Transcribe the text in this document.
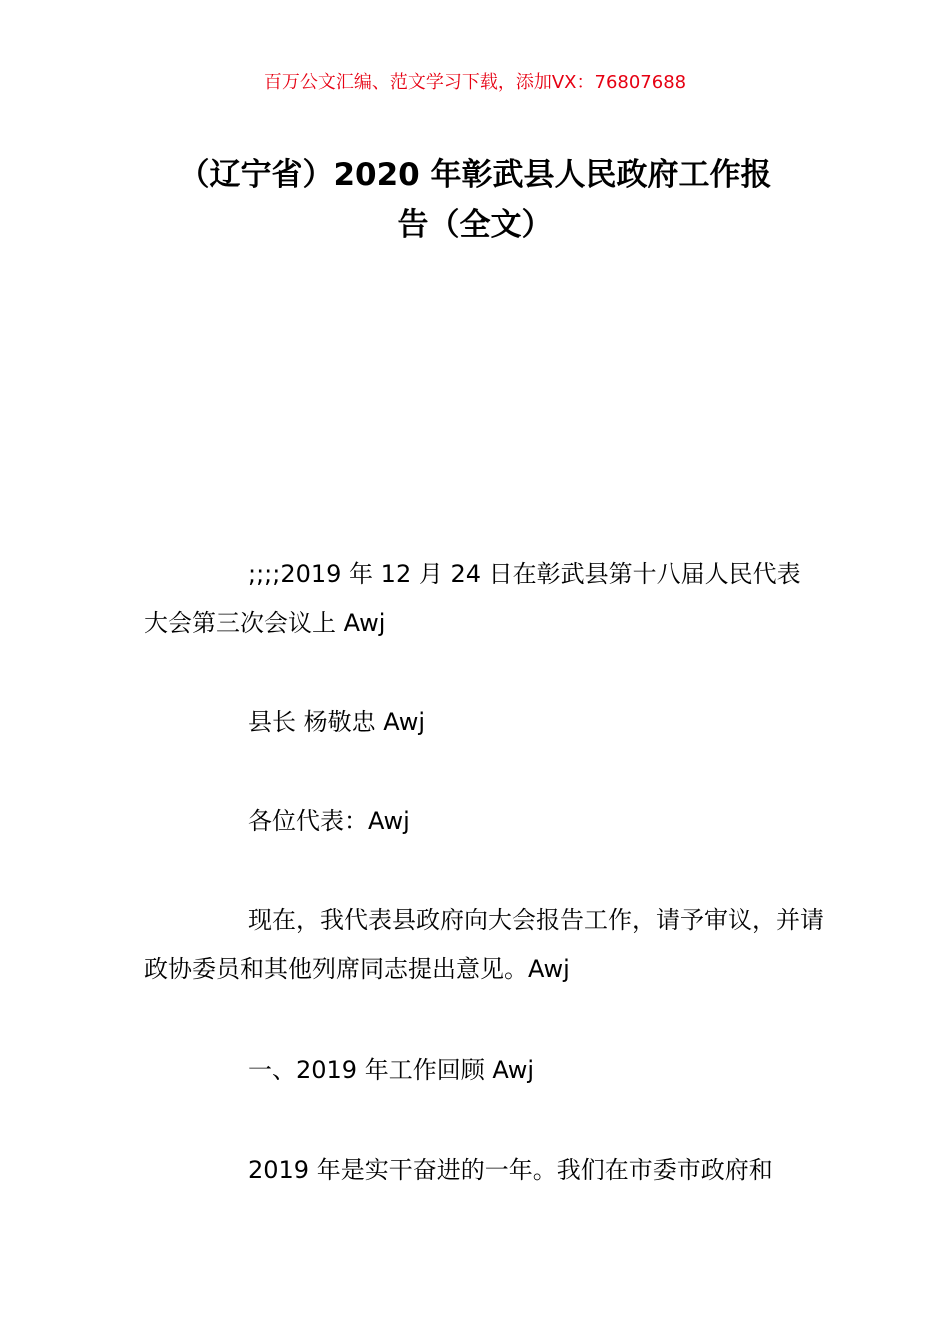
百万公文汇编、范文学习下载，添加VX：76807688
（辽宁省）2020 年彰武县人民政府工作报
告（全文）
;;;;2019 年 12 月 24 日在彰武县第十八届人民代表大会第三次会议上 Awj
县长 杨敬忠 Awj
各位代表：Awj
现在，我代表县政府向大会报告工作，请予审议，并请政协委员和其他列席同志提出意见。Awj
一、2019 年工作回顾 Awj
2019 年是实干奋进的一年。我们在市委市政府和
